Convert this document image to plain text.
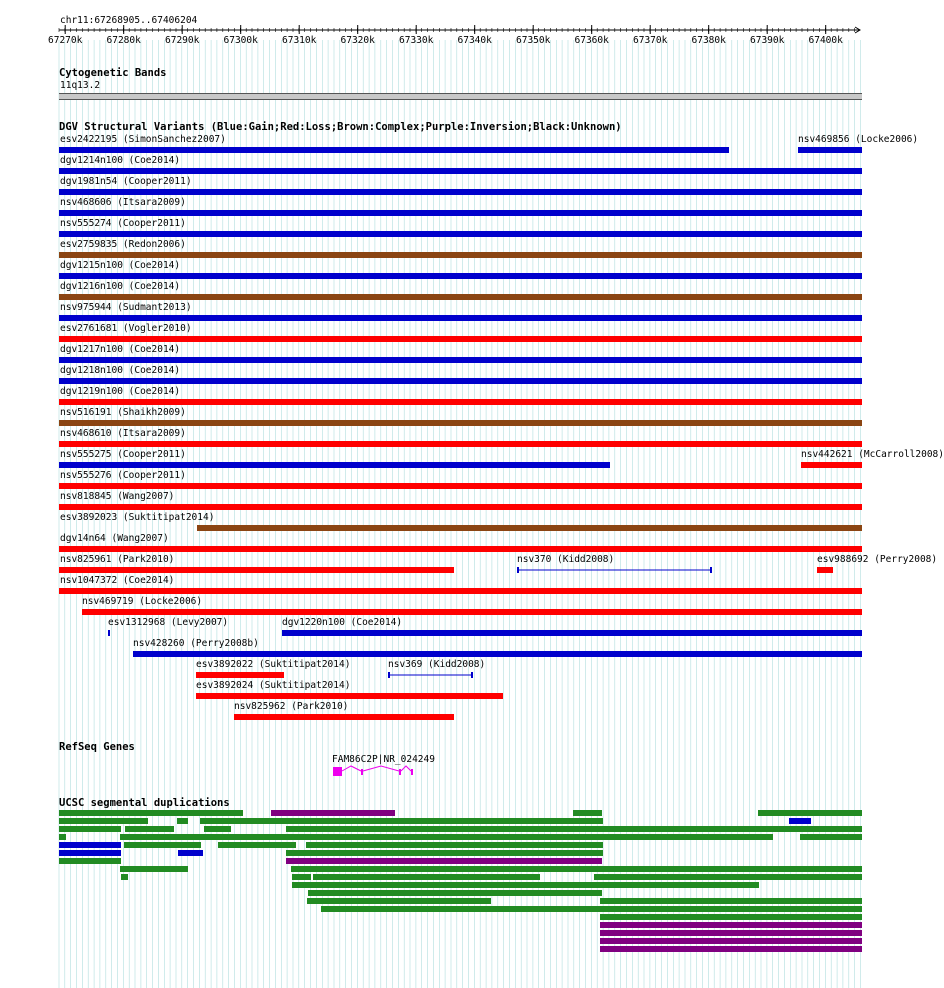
chr11:67268905..67406204
67270k	67280k	67290k	67300k	67310k	67320k	67330k	67340k	67350k	67360k	67370k	67380k	67390k	67400k
Cytogenetic Bands
11q13.2
DGV Structural Variants (Blue:Gain;Red:Loss;Brown:Complex;Purple:Inversion;Black:Unknown)
esv2422195 (SimonSanchez2007)	nsv469856 (Locke2006)
dgv1214n100 (Coe2014)
dgv1981n54 (Cooper2011)
nsv468606 (Itsara2009)
nsv555274 (Cooper2011)
esv2759835 (Redon2006)
dgv1215n100 (Coe2014)
dgv1216n100 (Coe2014)
nsv975944 (Sudmant2013)
esv2761681 (Vogler2010)
dgv1217n100 (Coe2014)
dgv1218n100 (Coe2014)
dgv1219n100 (Coe2014)
nsv516191 (Shaikh2009)
nsv468610 (Itsara2009)
nsv555275 (Cooper2011)	nsv442621 (McCarroll2008)
nsv555276 (Cooper2011)
nsv818845 (Wang2007)
esv3892023 (Suktitipat2014)
dgv14n64 (Wang2007)
nsv825961 (Park2010)	nsv370 (Kidd2008)	esv988692 (Perry2008)
nsv1047372 (Coe2014)
nsv469719 (Locke2006)
esv1312968 (Levy2007)	dgv1220n100 (Coe2014)
nsv428260 (Perry2008b)
esv3892022 (Suktitipat2014)	nsv369 (Kidd2008)
esv3892024 (Suktitipat2014)
nsv825962 (Park2010)
RefSeq Genes
FAM86C2P|NR_024249
UCSC segmental duplications
